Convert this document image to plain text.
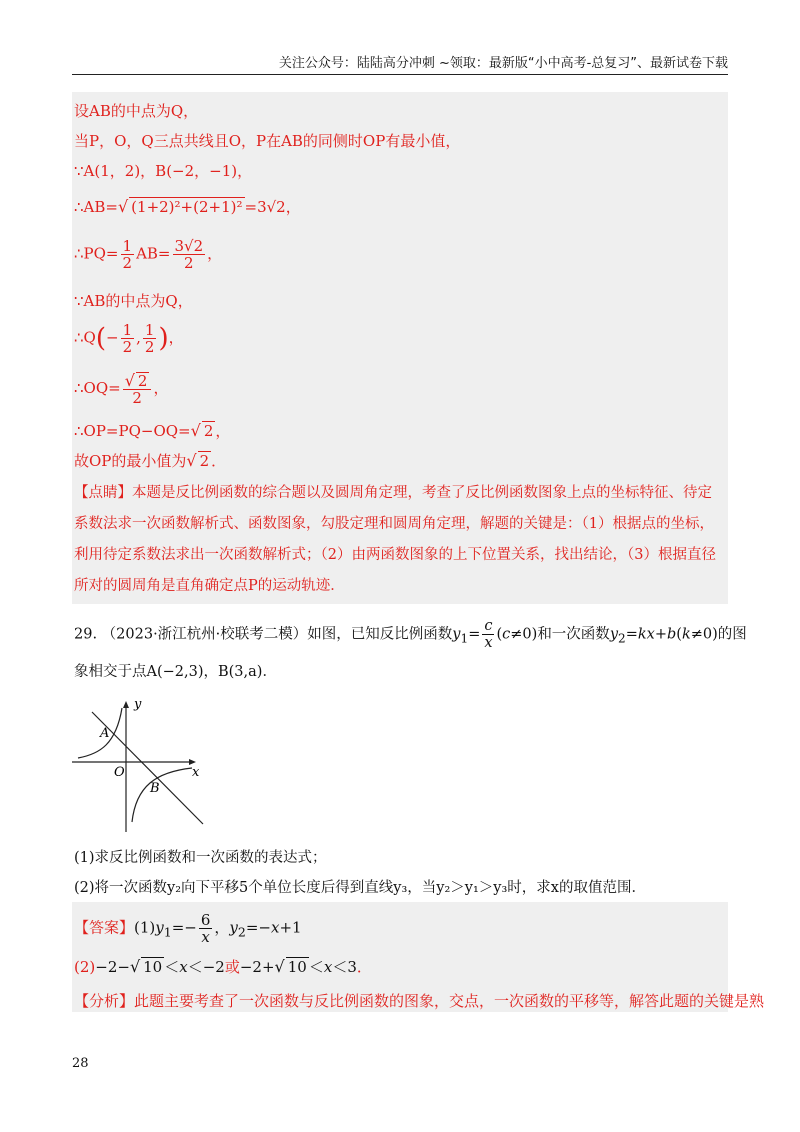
关注公众号：陆陆高分冲刺 ~领取：最新版“小中高考-总复习”、最新试卷下载
设AB的中点为Q，
当P，O，Q三点共线且O，P在AB的同侧时OP有最小值，
∵A(1，2)，B(−2，−1)，
∴AB=√ (1+2)²+(2+1)² =3√2，
∴PQ= $\frac{1}{2} AB= \frac{3√2}{2}$ ，
∵AB的中点为Q，
∴Q(− $\frac{1}{2}$ , $\frac{1}{2}$ )，
∴OQ= $\frac{√ 2}{2}$ ，
∴OP=PQ−OQ=√ 2 ，
故OP的最小值为√ 2 ．
【点睛】本题是反比例函数的综合题以及圆周角定理，考查了反比例函数图象上点的坐标特征、待定系数法求一次函数解析式、函数图象，勾股定理和圆周角定理，解题的关键是：（1）根据点的坐标，利用待定系数法求出一次函数解析式；（2）由两函数图象的上下位置关系，找出结论，（3）根据直径所对的圆周角是直角确定点P的运动轨迹．
29. （2023·浙江杭州·校联考二模）如图，已知反比例函数$y_1= \frac{c}{x} (c\ne 0)$和一次函数$y_2=kx+b(k\ne 0)$的图
象相交于点A(−2,3)，B(3,a)．
y
x
O
A
B
(1)求反比例函数和一次函数的表达式；
(2)将一次函数y₂向下平移5个单位长度后得到直线y₃，当y₂＞y₁＞y₃时，求x的取值范围．
【答案】$(1)y_1=- \frac{6}{x}$ ，$y_2=-x+1$
(2)−2−√ 10 ＜x＜−2或−2+√ 10 ＜x＜3．
【分析】此题主要考查了一次函数与反比例函数的图象，交点，一次函数的平移等，解答此题的关键是熟
28
